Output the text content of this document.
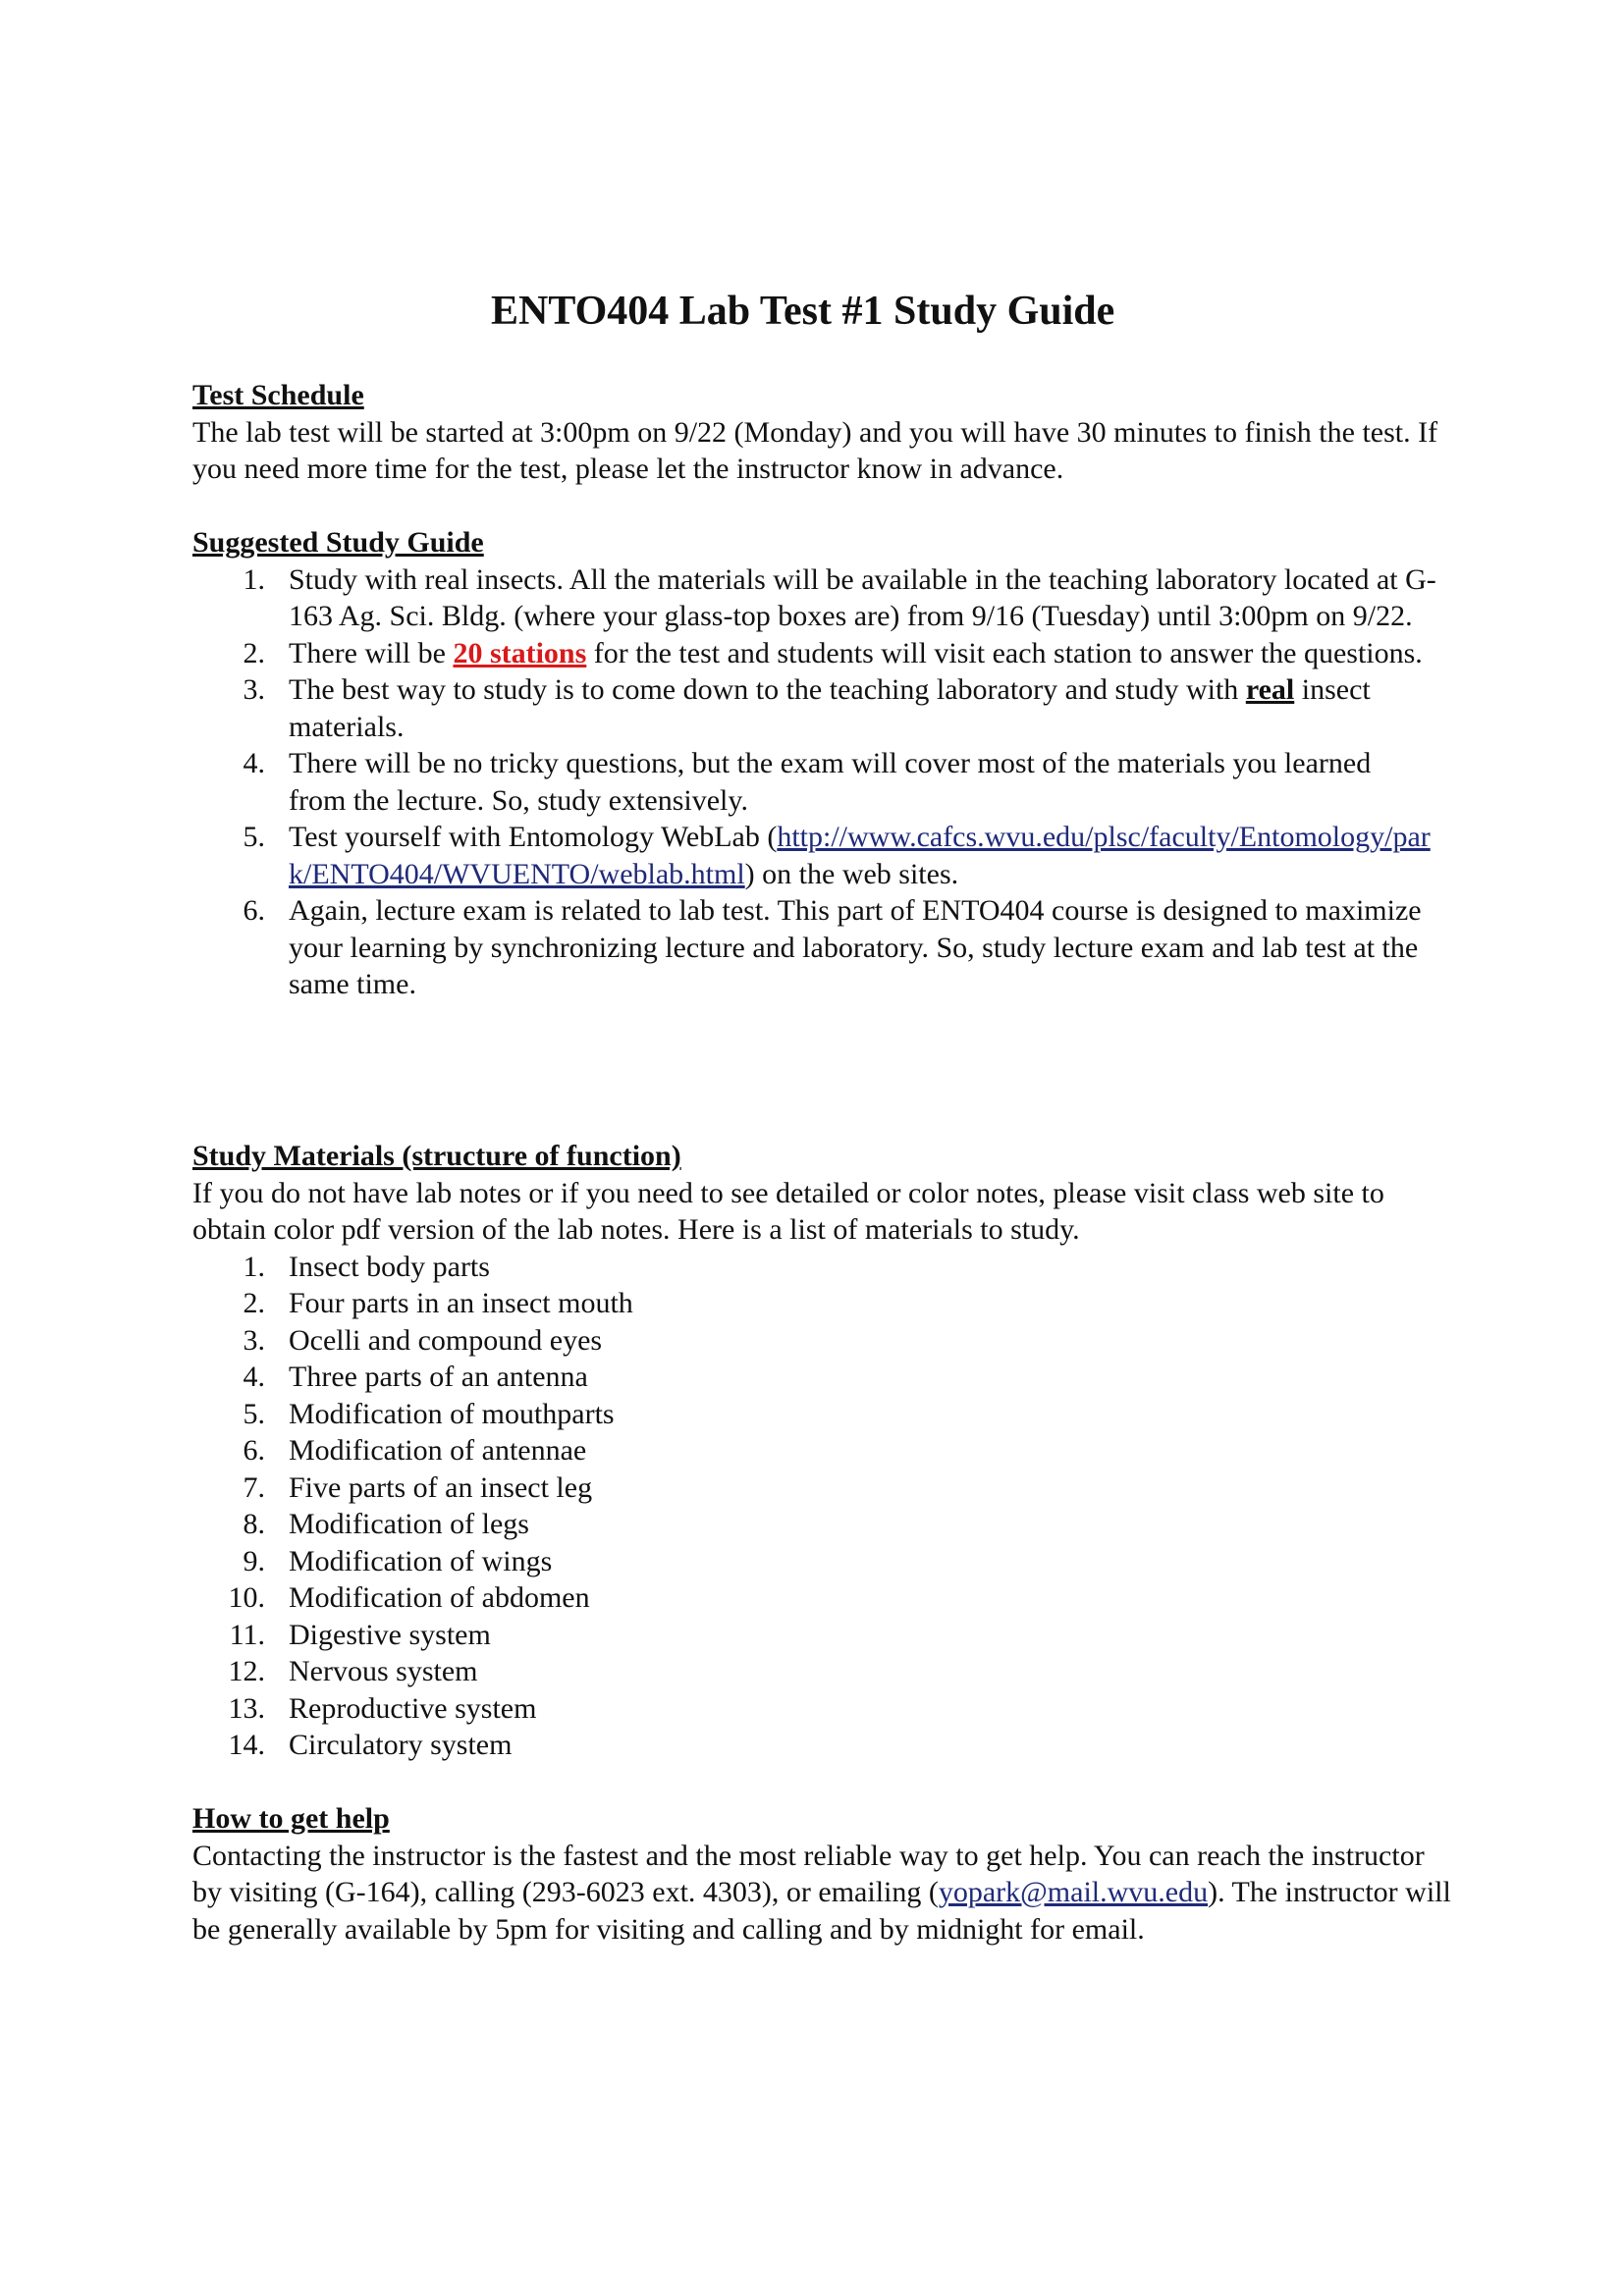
ENTO404 Lab Test #1 Study Guide
Test Schedule
The lab test will be started at 3:00pm on 9/22 (Monday) and you will have 30 minutes to finish the test. If you need more time for the test, please let the instructor know in advance.
Suggested Study Guide
1. Study with real insects. All the materials will be available in the teaching laboratory located at G-163 Ag. Sci. Bldg. (where your glass-top boxes are) from 9/16 (Tuesday) until 3:00pm on 9/22.
2. There will be 20 stations for the test and students will visit each station to answer the questions.
3. The best way to study is to come down to the teaching laboratory and study with real insect materials.
4. There will be no tricky questions, but the exam will cover most of the materials you learned from the lecture. So, study extensively.
5. Test yourself with Entomology WebLab (http://www.cafcs.wvu.edu/plsc/faculty/Entomology/park/ENTO404/WVUENTO/weblab.html) on the web sites.
6. Again, lecture exam is related to lab test. This part of ENTO404 course is designed to maximize your learning by synchronizing lecture and laboratory. So, study lecture exam and lab test at the same time.
Study Materials (structure of function)
If you do not have lab notes or if you need to see detailed or color notes, please visit class web site to obtain color pdf version of the lab notes. Here is a list of materials to study.
1. Insect body parts
2. Four parts in an insect mouth
3. Ocelli and compound eyes
4. Three parts of an antenna
5. Modification of mouthparts
6. Modification of antennae
7. Five parts of an insect leg
8. Modification of legs
9. Modification of wings
10. Modification of abdomen
11. Digestive system
12. Nervous system
13. Reproductive system
14. Circulatory system
How to get help
Contacting the instructor is the fastest and the most reliable way to get help. You can reach the instructor by visiting (G-164), calling (293-6023 ext. 4303), or emailing (yopark@mail.wvu.edu). The instructor will be generally available by 5pm for visiting and calling and by midnight for email.
